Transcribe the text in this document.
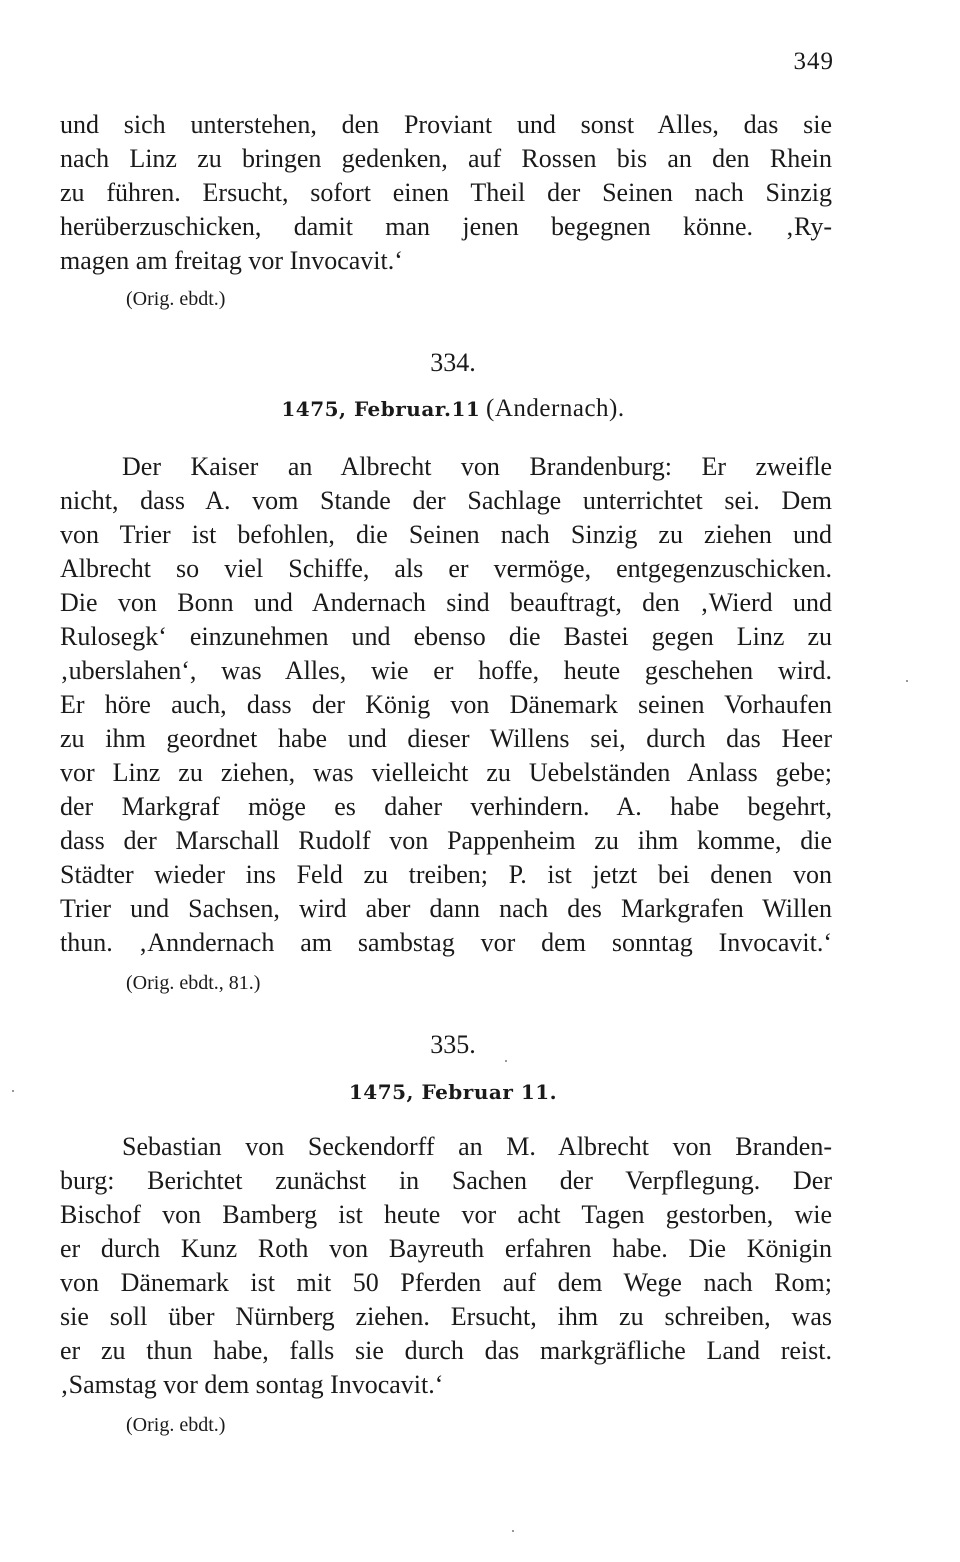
349
und sich unterstehen, den Proviant und sonst Alles, das sie
nach Linz zu bringen gedenken, auf Rossen bis an den Rhein
zu führen. Ersucht, sofort einen Theil der Seinen nach Sinzig
herüberzuschicken, damit man jenen begegnen könne. ‚Ry-
magen am freitag vor Invocavit.‘
(Orig. ebdt.)
334.
1475, Februar.11 (Andernach).
Der Kaiser an Albrecht von Brandenburg: Er zweifle
nicht, dass A. vom Stande der Sachlage unterrichtet sei. Dem
von Trier ist befohlen, die Seinen nach Sinzig zu ziehen und
Albrecht so viel Schiffe, als er vermöge, entgegenzuschicken.
Die von Bonn und Andernach sind beauftragt, den ‚Wierd und
Rulosegk‘ einzunehmen und ebenso die Bastei gegen Linz zu
‚uberslahen‘, was Alles, wie er hoffe, heute geschehen wird.
Er höre auch, dass der König von Dänemark seinen Vorhaufen
zu ihm geordnet habe und dieser Willens sei, durch das Heer
vor Linz zu ziehen, was vielleicht zu Uebelständen Anlass gebe;
der Markgraf möge es daher verhindern. A. habe begehrt,
dass der Marschall Rudolf von Pappenheim zu ihm komme, die
Städter wieder ins Feld zu treiben; P. ist jetzt bei denen von
Trier und Sachsen, wird aber dann nach des Markgrafen Willen
thun. ‚Anndernach am sambstag vor dem sonntag Invocavit.‘
(Orig. ebdt., 81.)
335.
1475, Februar 11.
Sebastian von Seckendorff an M. Albrecht von Branden-
burg: Berichtet zunächst in Sachen der Verpflegung. Der
Bischof von Bamberg ist heute vor acht Tagen gestorben, wie
er durch Kunz Roth von Bayreuth erfahren habe. Die Königin
von Dänemark ist mit 50 Pferden auf dem Wege nach Rom;
sie soll über Nürnberg ziehen. Ersucht, ihm zu schreiben, was
er zu thun habe, falls sie durch das markgräfliche Land reist.
‚Samstag vor dem sontag Invocavit.‘
(Orig. ebdt.)
